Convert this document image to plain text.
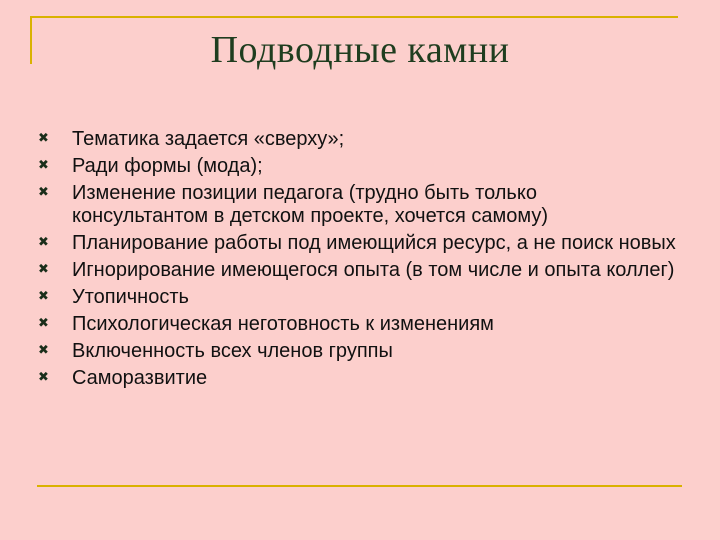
Подводные камни
✖ Тематика задается «сверху»;
✖ Ради формы (мода);
✖ Изменение позиции педагога (трудно быть только консультантом в детском проекте, хочется самому)
✖ Планирование работы под имеющийся ресурс, а не поиск новых
✖ Игнорирование имеющегося опыта (в том числе и опыта коллег)
✖ Утопичность
✖ Психологическая неготовность к изменениям
✖ Включенность всех членов группы
✖ Саморазвитие
